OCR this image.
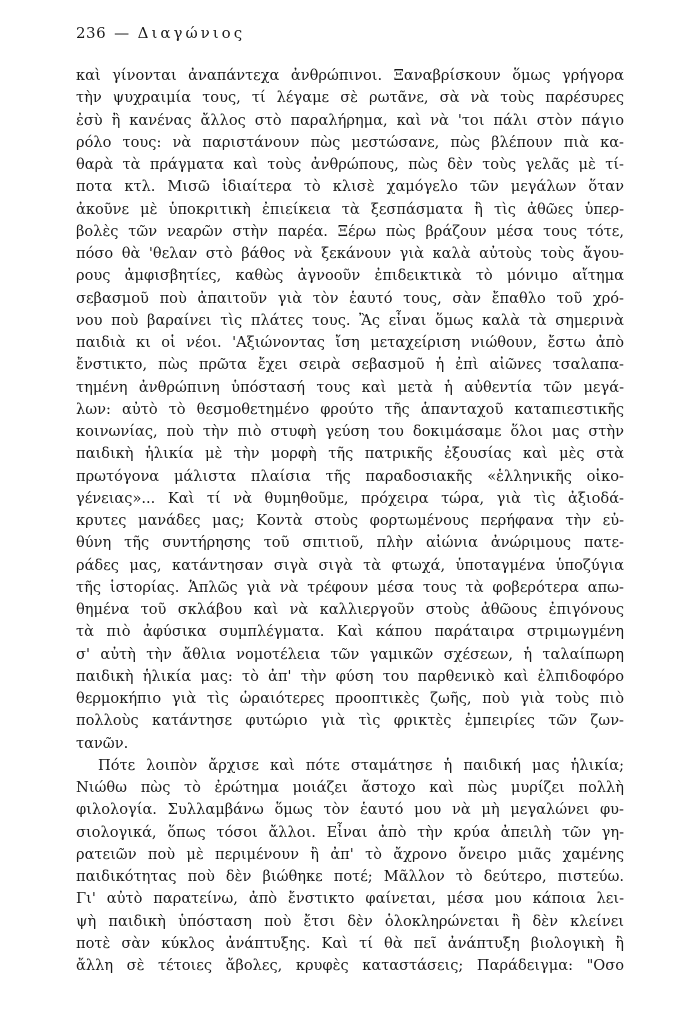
236 — Διαγώνιος
καὶ γίνονται ἀναπάντεχα ἀνθρώπινοι. Ξαναβρίσκουν ὅμως γρήγορα
τὴν ψυχραιμία τους, τί λέγαμε σὲ ρωτᾶνε, σὰ νὰ τοὺς παρέσυρες
ἐσὺ ἢ κανένας ἄλλος στὸ παραλήρημα, καὶ νὰ 'τοι πάλι στὸν πάγιο
ρόλο τους: νὰ παριστάνουν πὼς μεστώσανε, πὼς βλέπουν πιὰ κα-
θαρὰ τὰ πράγματα καὶ τοὺς ἀνθρώπους, πὼς δὲν τοὺς γελᾶς μὲ τί-
ποτα κτλ. Μισῶ ἰδιαίτερα τὸ κλισὲ χαμόγελο τῶν μεγάλων ὅταν
ἀκοῦνε μὲ ὑποκριτικὴ ἐπιείκεια τὰ ξεσπάσματα ἢ τὶς ἀθῶες ὑπερ-
βολὲς τῶν νεαρῶν στὴν παρέα. Ξέρω πὼς βράζουν μέσα τους τότε,
πόσο θὰ 'θελαν στὸ βάθος νὰ ξεκάνουν γιὰ καλὰ αὐτοὺς τοὺς ἄγου-
ρους ἀμφισβητίες, καθὼς ἀγνοοῦν ἐπιδεικτικὰ τὸ μόνιμο αἴτημα
σεβασμοῦ ποὺ ἀπαιτοῦν γιὰ τὸν ἑαυτό τους, σὰν ἔπαθλο τοῦ χρό-
νου ποὺ βαραίνει τὶς πλάτες τους. Ἂς εἶναι ὅμως καλὰ τὰ σημερινὰ
παιδιὰ κι οἱ νέοι. 'Αξιώνοντας ἴση μεταχείριση νιώθουν, ἔστω ἀπὸ
ἔνστικτο, πὼς πρῶτα ἔχει σειρὰ σεβασμοῦ ἡ ἐπὶ αἰῶνες τσαλαπα-
τημένη ἀνθρώπινη ὑπόστασή τους καὶ μετὰ ἡ αὐθεντία τῶν μεγά-
λων: αὐτὸ τὸ θεσμοθετημένο φρούτο τῆς ἁπανταχοῦ καταπιεστικῆς
κοινωνίας, ποὺ τὴν πιὸ στυφὴ γεύση του δοκιμάσαμε ὅλοι μας στὴν
παιδικὴ ἡλικία μὲ τὴν μορφὴ τῆς πατρικῆς ἐξουσίας καὶ μὲς στὰ
πρωτόγονα μάλιστα πλαίσια τῆς παραδοσιακῆς «ἑλληνικῆς οἰκο-
γένειας»... Καὶ τί νὰ θυμηθοῦμε, πρόχειρα τώρα, γιὰ τὶς ἀξιοδά-
κρυτες μανάδες μας; Κοντὰ στοὺς φορτωμένους περήφανα τὴν εὐ-
θύνη τῆς συντήρησης τοῦ σπιτιοῦ, πλὴν αἰώνια ἀνώριμους πατε-
ράδες μας, κατάντησαν σιγὰ σιγὰ τὰ φτωχά, ὑποταγμένα ὑποζύγια
τῆς ἱστορίας. Ἁπλῶς γιὰ νὰ τρέφουν μέσα τους τὰ φοβερότερα απω-
θημένα τοῦ σκλάβου καὶ νὰ καλλιεργοῦν στοὺς ἀθῶους ἐπιγόνους
τὰ πιὸ ἀφύσικα συμπλέγματα. Καὶ κάπου παράταιρα στριμωγμένη
σ' αὐτὴ τὴν ἄθλια νομοτέλεια τῶν γαμικῶν σχέσεων, ἡ ταλαίπωρη
παιδικὴ ἡλικία μας: τὸ ἀπ' τὴν φύση του παρθενικὸ καὶ ἐλπιδοφόρο
θερμοκήπιο γιὰ τὶς ὡραιότερες προοπτικὲς ζωῆς, ποὺ γιὰ τοὺς πιὸ
πολλοὺς κατάντησε φυτώριο γιὰ τὶς φρικτὲς ἐμπειρίες τῶν ζων-
τανῶν.
Πότε λοιπὸν ἄρχισε καὶ πότε σταμάτησε ἡ παιδική μας ἡλικία;
Νιώθω πὼς τὸ ἐρώτημα μοιάζει ἄστοχο καὶ πὼς μυρίζει πολλὴ
φιλολογία. Συλλαμβάνω ὅμως τὸν ἑαυτό μου νὰ μὴ μεγαλώνει φυ-
σιολογικά, ὅπως τόσοι ἄλλοι. Εἶναι ἀπὸ τὴν κρύα ἀπειλὴ τῶν γη-
ρατειῶν ποὺ μὲ περιμένουν ἢ ἀπ' τὸ ἄχρονο ὄνειρο μιᾶς χαμένης
παιδικότητας ποὺ δὲν βιώθηκε ποτέ; Μᾶλλον τὸ δεύτερο, πιστεύω.
Γι' αὐτὸ παρατείνω, ἀπὸ ἔνστικτο φαίνεται, μέσα μου κάποια λει-
ψὴ παιδικὴ ὑπόσταση ποὺ ἔτσι δὲν ὁλοκληρώνεται ἢ δὲν κλείνει
ποτὲ σὰν κύκλος ἀνάπτυξης. Καὶ τί θὰ πεῖ ἀνάπτυξη βιολογικὴ ἢ
ἄλλη σὲ τέτοιες ἄβολες, κρυφὲς καταστάσεις; Παράδειγμα: "Οσο
